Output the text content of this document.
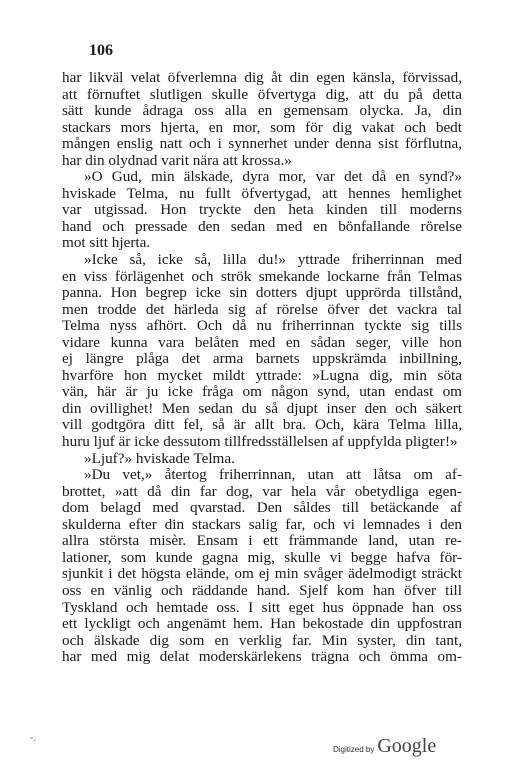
106
har likväl velat öfverlemna dig åt din egen känsla, förvissad,
att förnuftet slutligen skulle öfvertyga dig, att du på detta
sätt kunde ådraga oss alla en gemensam olycka. Ja, din
stackars mors hjerta, en mor, som för dig vakat och bedt
mången enslig natt och i synnerhet under denna sist förflutna,
har din olydnad varit nära att krossa.»
»O Gud, min älskade, dyra mor, var det då en synd?»
hviskade Telma, nu fullt öfvertygad, att hennes hemlighet
var utgissad. Hon tryckte den heta kinden till moderns
hand och pressade den sedan med en bönfallande rörelse
mot sitt hjerta.
»Icke så, icke så, lilla du!» yttrade friherrinnan med
en viss förlägenhet och strök smekande lockarne från Telmas
panna. Hon begrep icke sin dotters djupt upprörda tillstånd,
men trodde det härleda sig af rörelse öfver det vackra tal
Telma nyss afhört. Och då nu friherrinnan tyckte sig tills
vidare kunna vara belåten med en sådan seger, ville hon
ej längre plåga det arma barnets uppskrämda inbillning,
hvarföre hon mycket mildt yttrade: »Lugna dig, min söta
vän, här är ju icke fråga om någon synd, utan endast om
din ovillighet! Men sedan du så djupt inser den och säkert
vill godtgöra ditt fel, så är allt bra. Och, kära Telma lilla,
huru ljuf är icke dessutom tillfredsställelsen af uppfylda pligter!»
»Ljuf?» hviskade Telma.
»Du vet,» återtog friherrinnan, utan att låtsa om af-
brottet, »att då din far dog, var hela vår obetydliga egen-
dom belagd med qvarstad. Den såldes till betäckande af
skulderna efter din stackars salig far, och vi lemnades i den
allra största misèr. Ensam i ett främmande land, utan re-
lationer, som kunde gagna mig, skulle vi begge hafva för-
sjunkit i det högsta elände, om ej min svåger ädelmodigt sträckt
oss en vänlig och räddande hand. Sjelf kom han öfver till
Tyskland och hemtade oss. I sitt eget hus öppnade han oss
ett lyckligt och angenämt hem. Han bekostade din uppfostran
och älskade dig som en verklig far. Min syster, din tant,
har med mig delat moderskärlekens trägna och ömma om-
-.
Digitized by Google
